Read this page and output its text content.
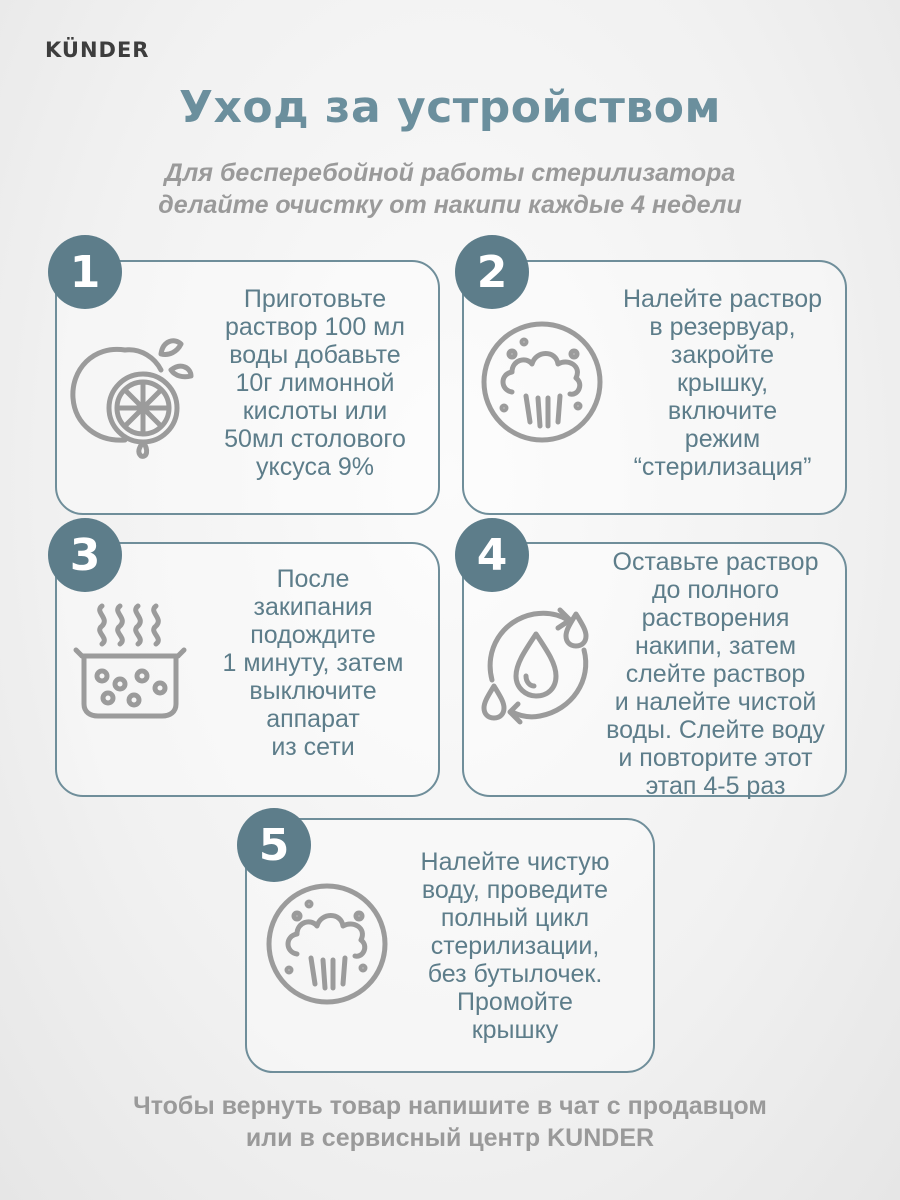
KÜNDER
Уход за устройством
Для бесперебойной работы стерилизатора
делайте очистку от накипи каждые 4 недели
1
Приготовьте
раствор 100 мл
воды добавьте
10г лимонной
кислоты или
50мл столового
уксуса 9%
2
Налейте раствор
в резервуар,
закройте
крышку,
включите
режим
“стерилизация”
3	После
закипания
подождите
1 минуту, затем
выключите
аппарат
из сети
4	Оставьте раствор
до полного
растворения
накипи, затем
слейте раствор
и налейте чистой
воды. Слейте воду
и повторите этот
этап 4-5 раз
5	Налейте чистую
воду, проведите
полный цикл
стерилизации,
без бутылочек.
Промойте
крышку
Чтобы вернуть товар напишите в чат с продавцом
или в сервисный центр KUNDER
